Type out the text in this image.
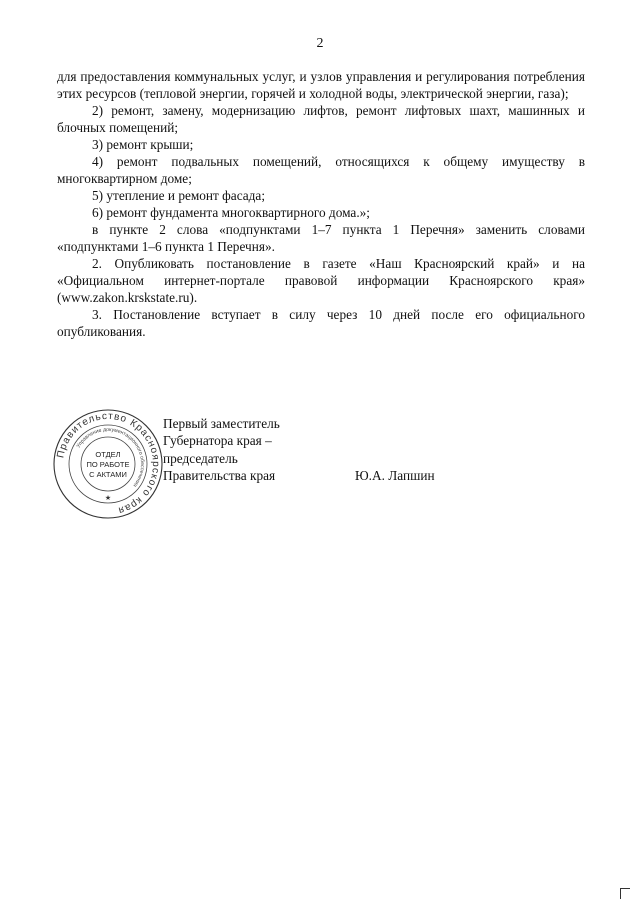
2

для предоставления коммунальных услуг, и узлов управления и регулирования потребления этих ресурсов (тепловой энергии, горячей и холодной воды, электрической энергии, газа);

2) ремонт, замену, модернизацию лифтов, ремонт лифтовых шахт, машинных и блочных помещений;

3) ремонт крыши;

4) ремонт подвальных помещений, относящихся к общему имуществу в многоквартирном доме;

5) утепление и ремонт фасада;

6) ремонт фундамента многоквартирного дома.»;

в пункте 2 слова «подпунктами 1–7 пункта 1 Перечня» заменить словами «подпунктами 1–6 пункта 1 Перечня».

2. Опубликовать постановление в газете «Наш Красноярский край» и на «Официальном интернет-портале правовой информации Красноярского края» (www.zakon.krskstate.ru).

3. Постановление вступает в силу через 10 дней после его официального опубликования.

Правительство Красноярского края
Управление документационного обеспечения
ОТДЕЛ
ПО РАБОТЕ
С АКТАМИ
★
Первый заместитель
Губернатора края –
председатель
Правительства края	Ю.А. Лапшин
